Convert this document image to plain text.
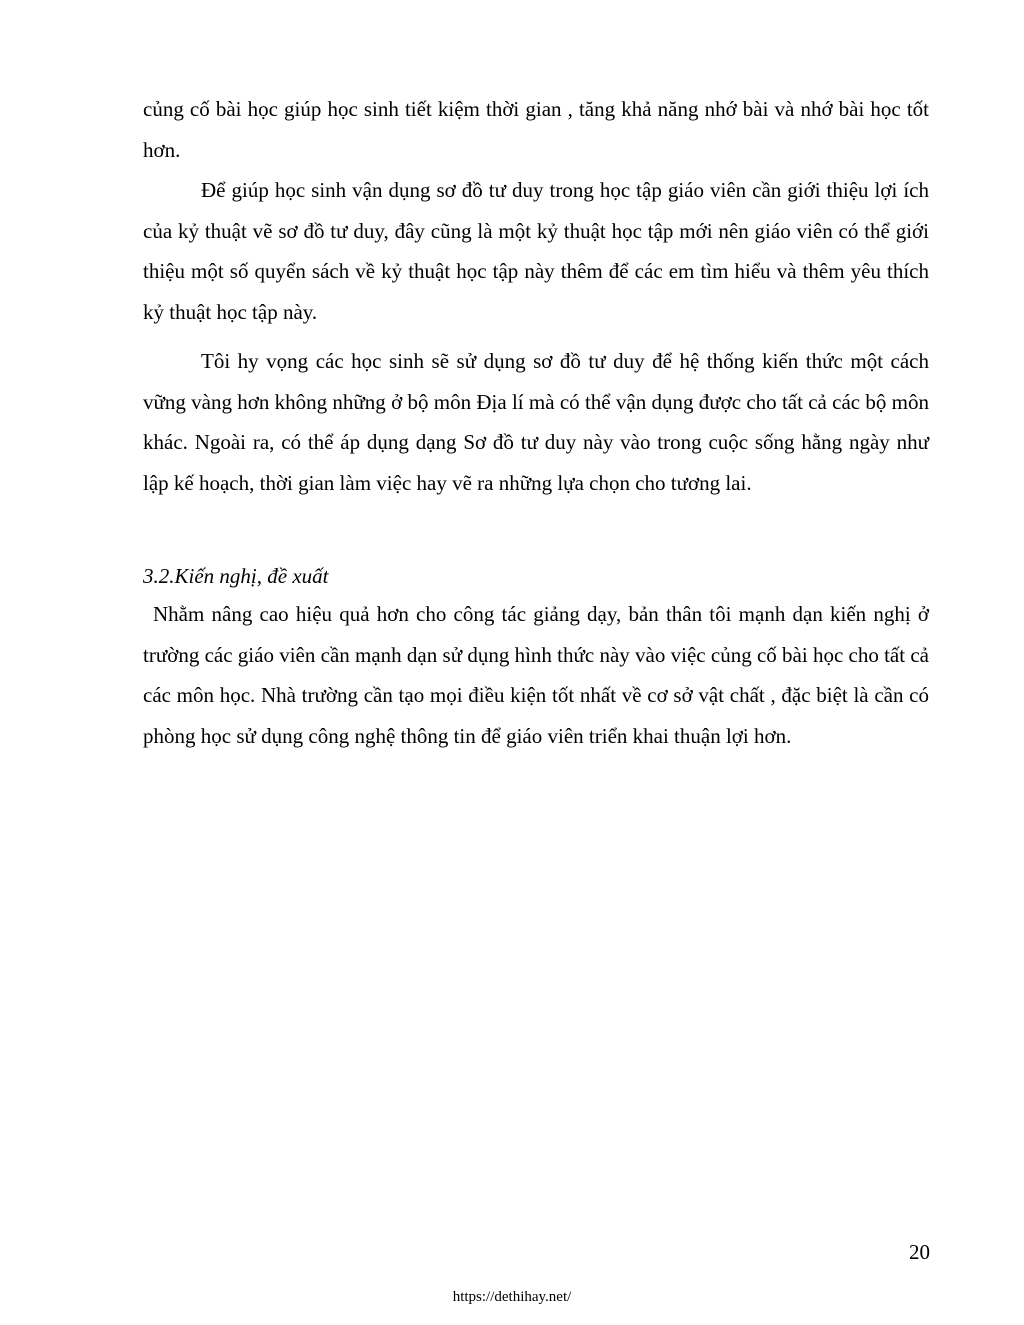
củng cố bài học giúp học sinh tiết kiệm thời gian , tăng khả năng nhớ bài và nhớ bài học tốt hơn.
Để giúp học sinh vận dụng sơ đồ tư duy trong học tập giáo viên cần giới thiệu lợi ích của kỷ thuật vẽ sơ đồ tư duy, đây cũng là một kỷ thuật học tập mới nên giáo viên có thể giới thiệu một số quyển sách về kỷ thuật học tập này thêm để các em tìm hiểu và thêm yêu thích kỷ thuật học tập này.
Tôi hy vọng các học sinh sẽ sử dụng sơ đồ tư duy để hệ thống kiến thức một cách vững vàng hơn không những ở bộ môn Địa lí mà có thể vận dụng được cho tất cả các bộ môn khác. Ngoài ra, có thể áp dụng dạng Sơ đồ tư duy này vào trong cuộc sống hằng ngày như lập kế hoạch, thời gian làm việc hay vẽ ra những lựa chọn cho tương lai.
3.2.Kiến nghị, đề xuất
Nhằm nâng cao hiệu quả hơn cho công tác giảng dạy, bản thân tôi mạnh dạn kiến nghị ở trường các giáo viên cần mạnh dạn sử dụng hình thức này vào việc củng cố bài học cho tất cả các môn học. Nhà trường cần tạo mọi điều kiện tốt nhất về cơ sở vật chất , đặc biệt là cần có phòng học sử dụng công nghệ thông tin để giáo viên triển khai thuận lợi hơn.
20
https://dethihay.net/
